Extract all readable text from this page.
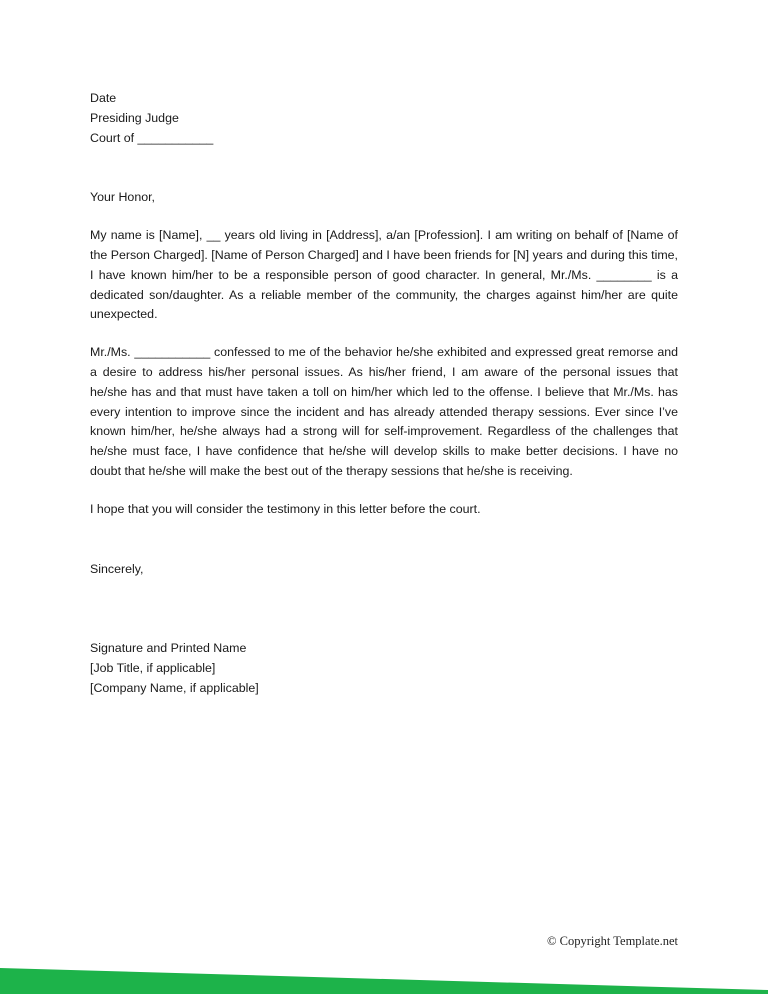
Date
Presiding Judge
Court of ___________
Your Honor,

My name is [Name], __ years old living in [Address], a/an [Profession]. I am writing on behalf of [Name of the Person Charged]. [Name of Person Charged] and I have been friends for [N] years and during this time, I have known him/her to be a responsible person of good character. In general, Mr./Ms. ________ is a dedicated son/daughter. As a reliable member of the community, the charges against him/her are quite unexpected.

Mr./Ms. ___________ confessed to me of the behavior he/she exhibited and expressed great remorse and a desire to address his/her personal issues. As his/her friend, I am aware of the personal issues that he/she has and that must have taken a toll on him/her which led to the offense. I believe that Mr./Ms. has every intention to improve since the incident and has already attended therapy sessions. Ever since I’ve known him/her, he/she always had a strong will for self-improvement. Regardless of the challenges that he/she must face, I have confidence that he/she will develop skills to make better decisions. I have no doubt that he/she will make the best out of the therapy sessions that he/she is receiving.

I hope that you will consider the testimony in this letter before the court.

Sincerely,
Signature and Printed Name
[Job Title, if applicable]
[Company Name, if applicable]
© Copyright Template.net
